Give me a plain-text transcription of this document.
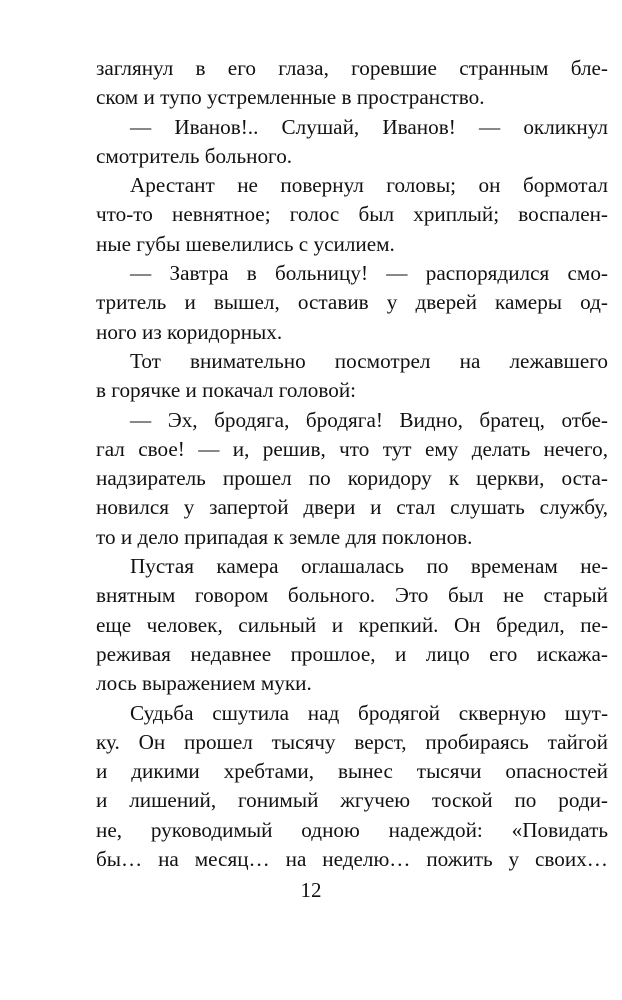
заглянул в его глаза, горевшие странным бле-
ском и тупо устремленные в пространство.
— Иванов!.. Слушай, Иванов! — окликнул
смотритель больного.
Арестант не повернул головы; он бормотал
что-то невнятное; голос был хриплый; воспален-
ные губы шевелились с усилием.
— Завтра в больницу! — распорядился смо-
тритель и вышел, оставив у дверей камеры од-
ного из коридорных.
Тот внимательно посмотрел на лежавшего
в горячке и покачал головой:
— Эх, бродяга, бродяга! Видно, братец, отбе-
гал свое! — и, решив, что тут ему делать нечего,
надзиратель прошел по коридору к церкви, оста-
новился у запертой двери и стал слушать службу,
то и дело припадая к земле для поклонов.
Пустая камера оглашалась по временам не-
внятным говором больного. Это был не старый
еще человек, сильный и крепкий. Он бредил, пе-
реживая недавнее прошлое, и лицо его искажа-
лось выражением муки.
Судьба сшутила над бродягой скверную шут-
ку. Он прошел тысячу верст, пробираясь тайгой
и дикими хребтами, вынес тысячи опасностей
и лишений, гонимый жгучею тоской по роди-
не, руководимый одною надеждой: «Повидать
бы… на месяц… на неделю… пожить у своих…
12
